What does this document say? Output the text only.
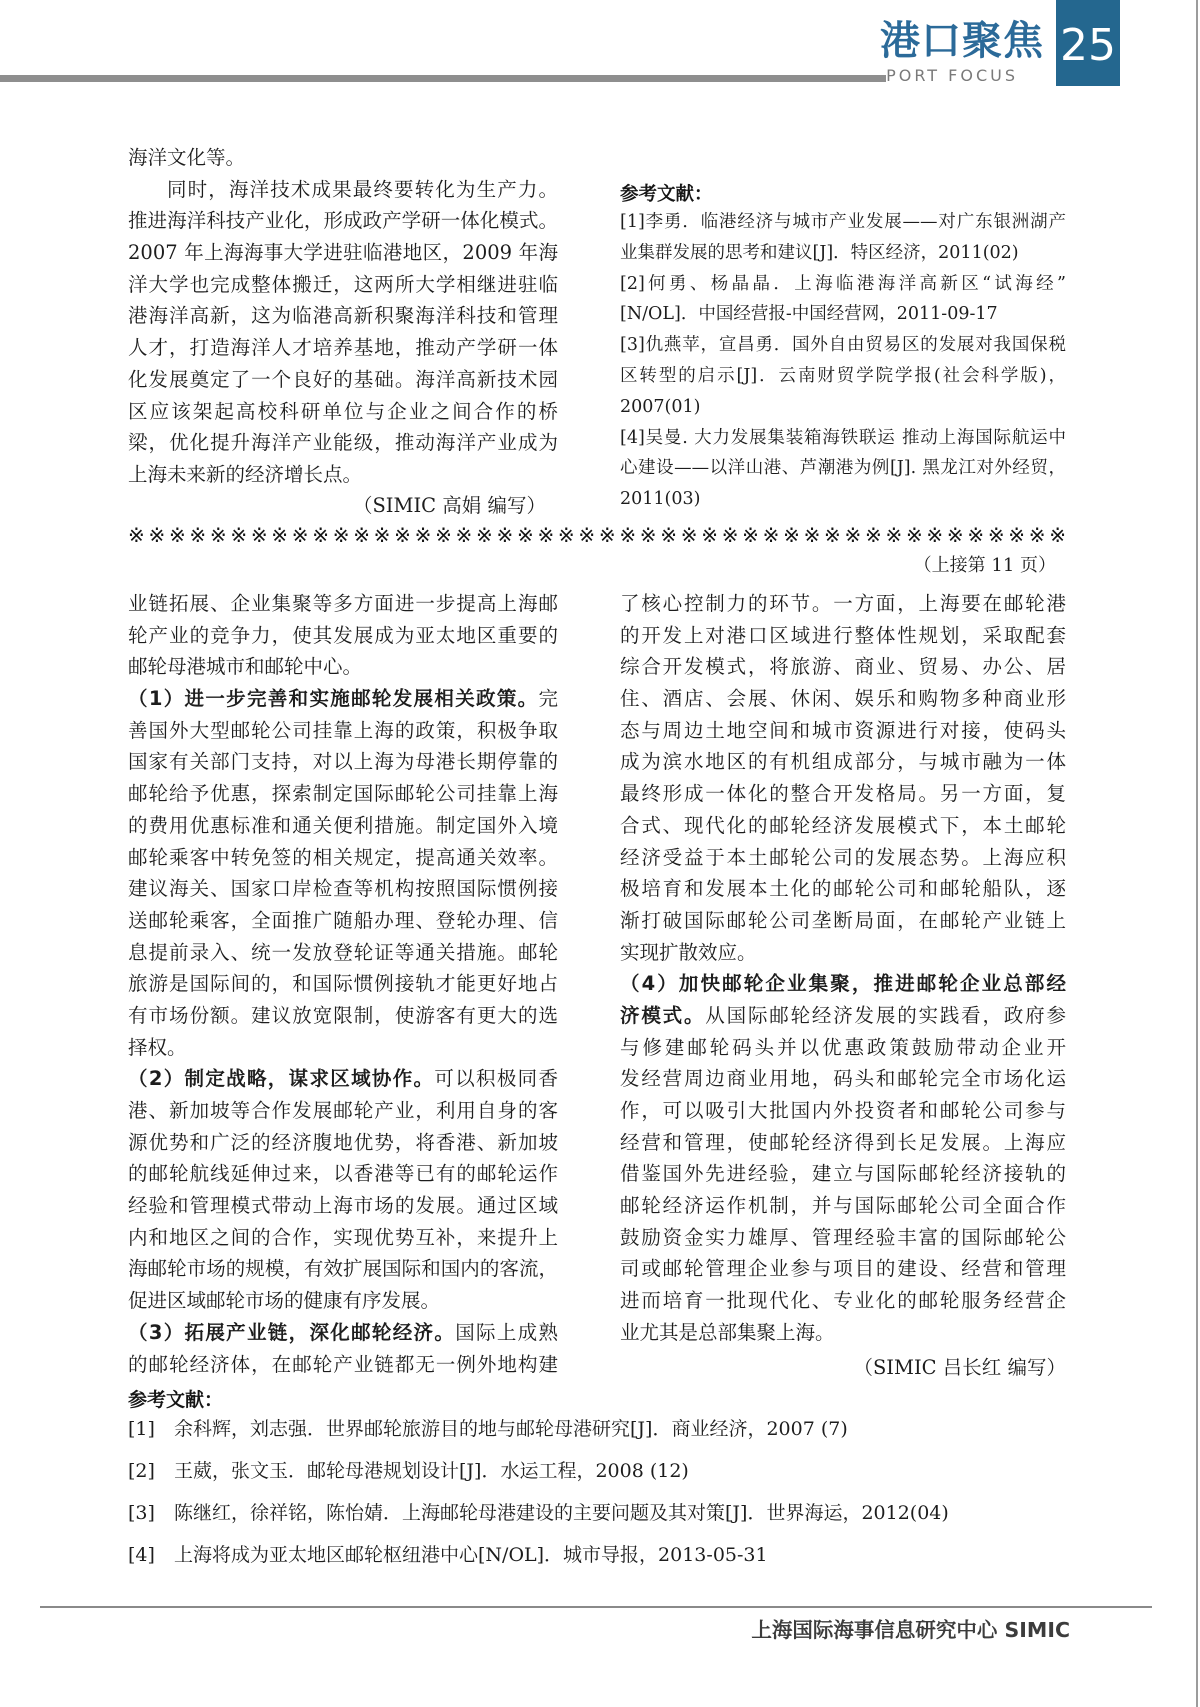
港口聚焦
PORT FOCUS
25
海洋文化等。
同时，海洋技术成果最终要转化为生产力。
推进海洋科技产业化，形成政产学研一体化模式。
2007 年上海海事大学进驻临港地区，2009 年海
洋大学也完成整体搬迁，这两所大学相继进驻临
港海洋高新，这为临港高新积聚海洋科技和管理
人才，打造海洋人才培养基地，推动产学研一体
化发展奠定了一个良好的基础。海洋高新技术园
区应该架起高校科研单位与企业之间合作的桥
梁，优化提升海洋产业能级，推动海洋产业成为
上海未来新的经济增长点。
（SIMIC 高娟 编写）
参考文献：
[1]李勇．临港经济与城市产业发展——对广东银洲湖产
业集群发展的思考和建议[J]．特区经济，2011(02)
[2]何勇、杨晶晶．上海临港海洋高新区“试海经”
[N/OL]．中国经营报-中国经营网，2011-09-17
[3]仇燕苹，宣昌勇．国外自由贸易区的发展对我国保税
区转型的启示[J]．云南财贸学院学报(社会科学版)，
2007(01)
[4]吴曼. 大力发展集装箱海铁联运 推动上海国际航运中
心建设——以洋山港、芦潮港为例[J]. 黑龙江对外经贸，
2011(03)
※※※※※※※※※※※※※※※※※※※※※※※※※※※※※※※※※※※※※※※※※※※※※※
（上接第 11 页）
业链拓展、企业集聚等多方面进一步提高上海邮
轮产业的竞争力，使其发展成为亚太地区重要的
邮轮母港城市和邮轮中心。
（1）进一步完善和实施邮轮发展相关政策。完
善国外大型邮轮公司挂靠上海的政策，积极争取
国家有关部门支持，对以上海为母港长期停靠的
邮轮给予优惠，探索制定国际邮轮公司挂靠上海
的费用优惠标准和通关便利措施。制定国外入境
邮轮乘客中转免签的相关规定，提高通关效率。
建议海关、国家口岸检查等机构按照国际惯例接
送邮轮乘客，全面推广随船办理、登轮办理、信
息提前录入、统一发放登轮证等通关措施。邮轮
旅游是国际间的，和国际惯例接轨才能更好地占
有市场份额。建议放宽限制，使游客有更大的选
择权。
（2）制定战略，谋求区域协作。可以积极同香
港、新加坡等合作发展邮轮产业，利用自身的客
源优势和广泛的经济腹地优势，将香港、新加坡
的邮轮航线延伸过来，以香港等已有的邮轮运作
经验和管理模式带动上海市场的发展。通过区域
内和地区之间的合作，实现优势互补，来提升上
海邮轮市场的规模，有效扩展国际和国内的客流，
促进区域邮轮市场的健康有序发展。
（3）拓展产业链，深化邮轮经济。国际上成熟
的邮轮经济体，在邮轮产业链都无一例外地构建
了核心控制力的环节。一方面，上海要在邮轮港
的开发上对港口区域进行整体性规划，采取配套
综合开发模式，将旅游、商业、贸易、办公、居
住、酒店、会展、休闲、娱乐和购物多种商业形
态与周边土地空间和城市资源进行对接，使码头
成为滨水地区的有机组成部分，与城市融为一体
最终形成一体化的整合开发格局。另一方面，复
合式、现代化的邮轮经济发展模式下，本土邮轮
经济受益于本土邮轮公司的发展态势。上海应积
极培育和发展本土化的邮轮公司和邮轮船队，逐
渐打破国际邮轮公司垄断局面，在邮轮产业链上
实现扩散效应。
（4）加快邮轮企业集聚，推进邮轮企业总部经
济模式。从国际邮轮经济发展的实践看，政府参
与修建邮轮码头并以优惠政策鼓励带动企业开
发经营周边商业用地，码头和邮轮完全市场化运
作，可以吸引大批国内外投资者和邮轮公司参与
经营和管理，使邮轮经济得到长足发展。上海应
借鉴国外先进经验，建立与国际邮轮经济接轨的
邮轮经济运作机制，并与国际邮轮公司全面合作
鼓励资金实力雄厚、管理经验丰富的国际邮轮公
司或邮轮管理企业参与项目的建设、经营和管理
进而培育一批现代化、专业化的邮轮服务经营企
业尤其是总部集聚上海。
（SIMIC 吕长红 编写）
参考文献：
[1] 余科辉，刘志强．世界邮轮旅游目的地与邮轮母港研究[J]．商业经济，2007 (7)
[2] 王葳，张文玉．邮轮母港规划设计[J]．水运工程，2008 (12)
[3] 陈继红，徐祥铭，陈怡婧．上海邮轮母港建设的主要问题及其对策[J]．世界海运，2012(04)
[4] 上海将成为亚太地区邮轮枢纽港中心[N/OL]．城市导报，2013-05-31
上海国际海事信息研究中心 SIMIC
